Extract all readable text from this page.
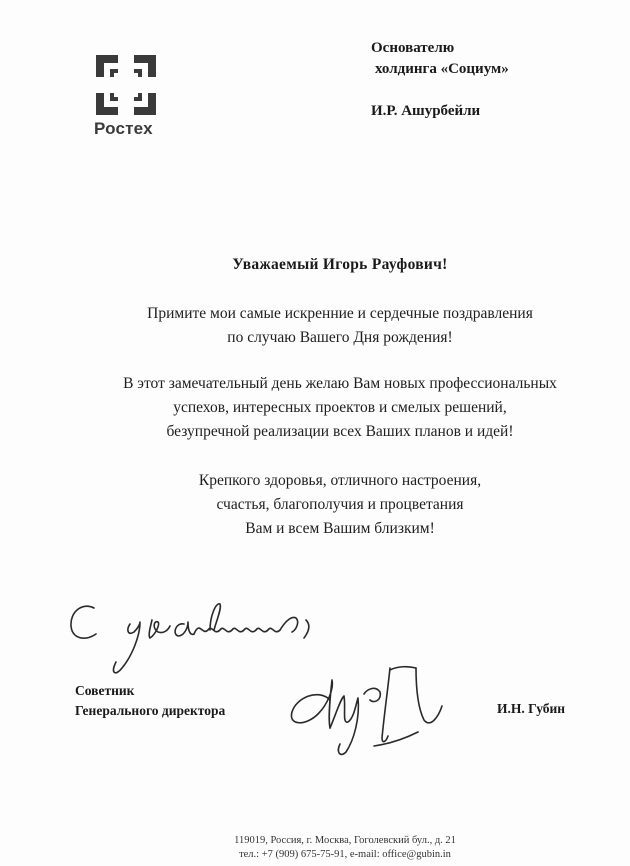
Ростех
Основателю
холдинга «Социум»
И.Р. Ашурбейли
Уважаемый Игорь Рауфович!
Примите мои самые искренние и сердечные поздравления
по случаю Вашего Дня рождения!
В этот замечательный день желаю Вам новых профессиональных
успехов, интересных проектов и смелых решений,
безупречной реализации всех Ваших планов и идей!
Крепкого здоровья, отличного настроения,
счастья, благополучия и процветания
Вам и всем Вашим близким!
Советник
Генерального директора	И.Н. Губин
119019, Россия, г. Москва, Гоголевский бул., д. 21
тел.: +7 (909) 675-75-91, e-mail: office@gubin.in
